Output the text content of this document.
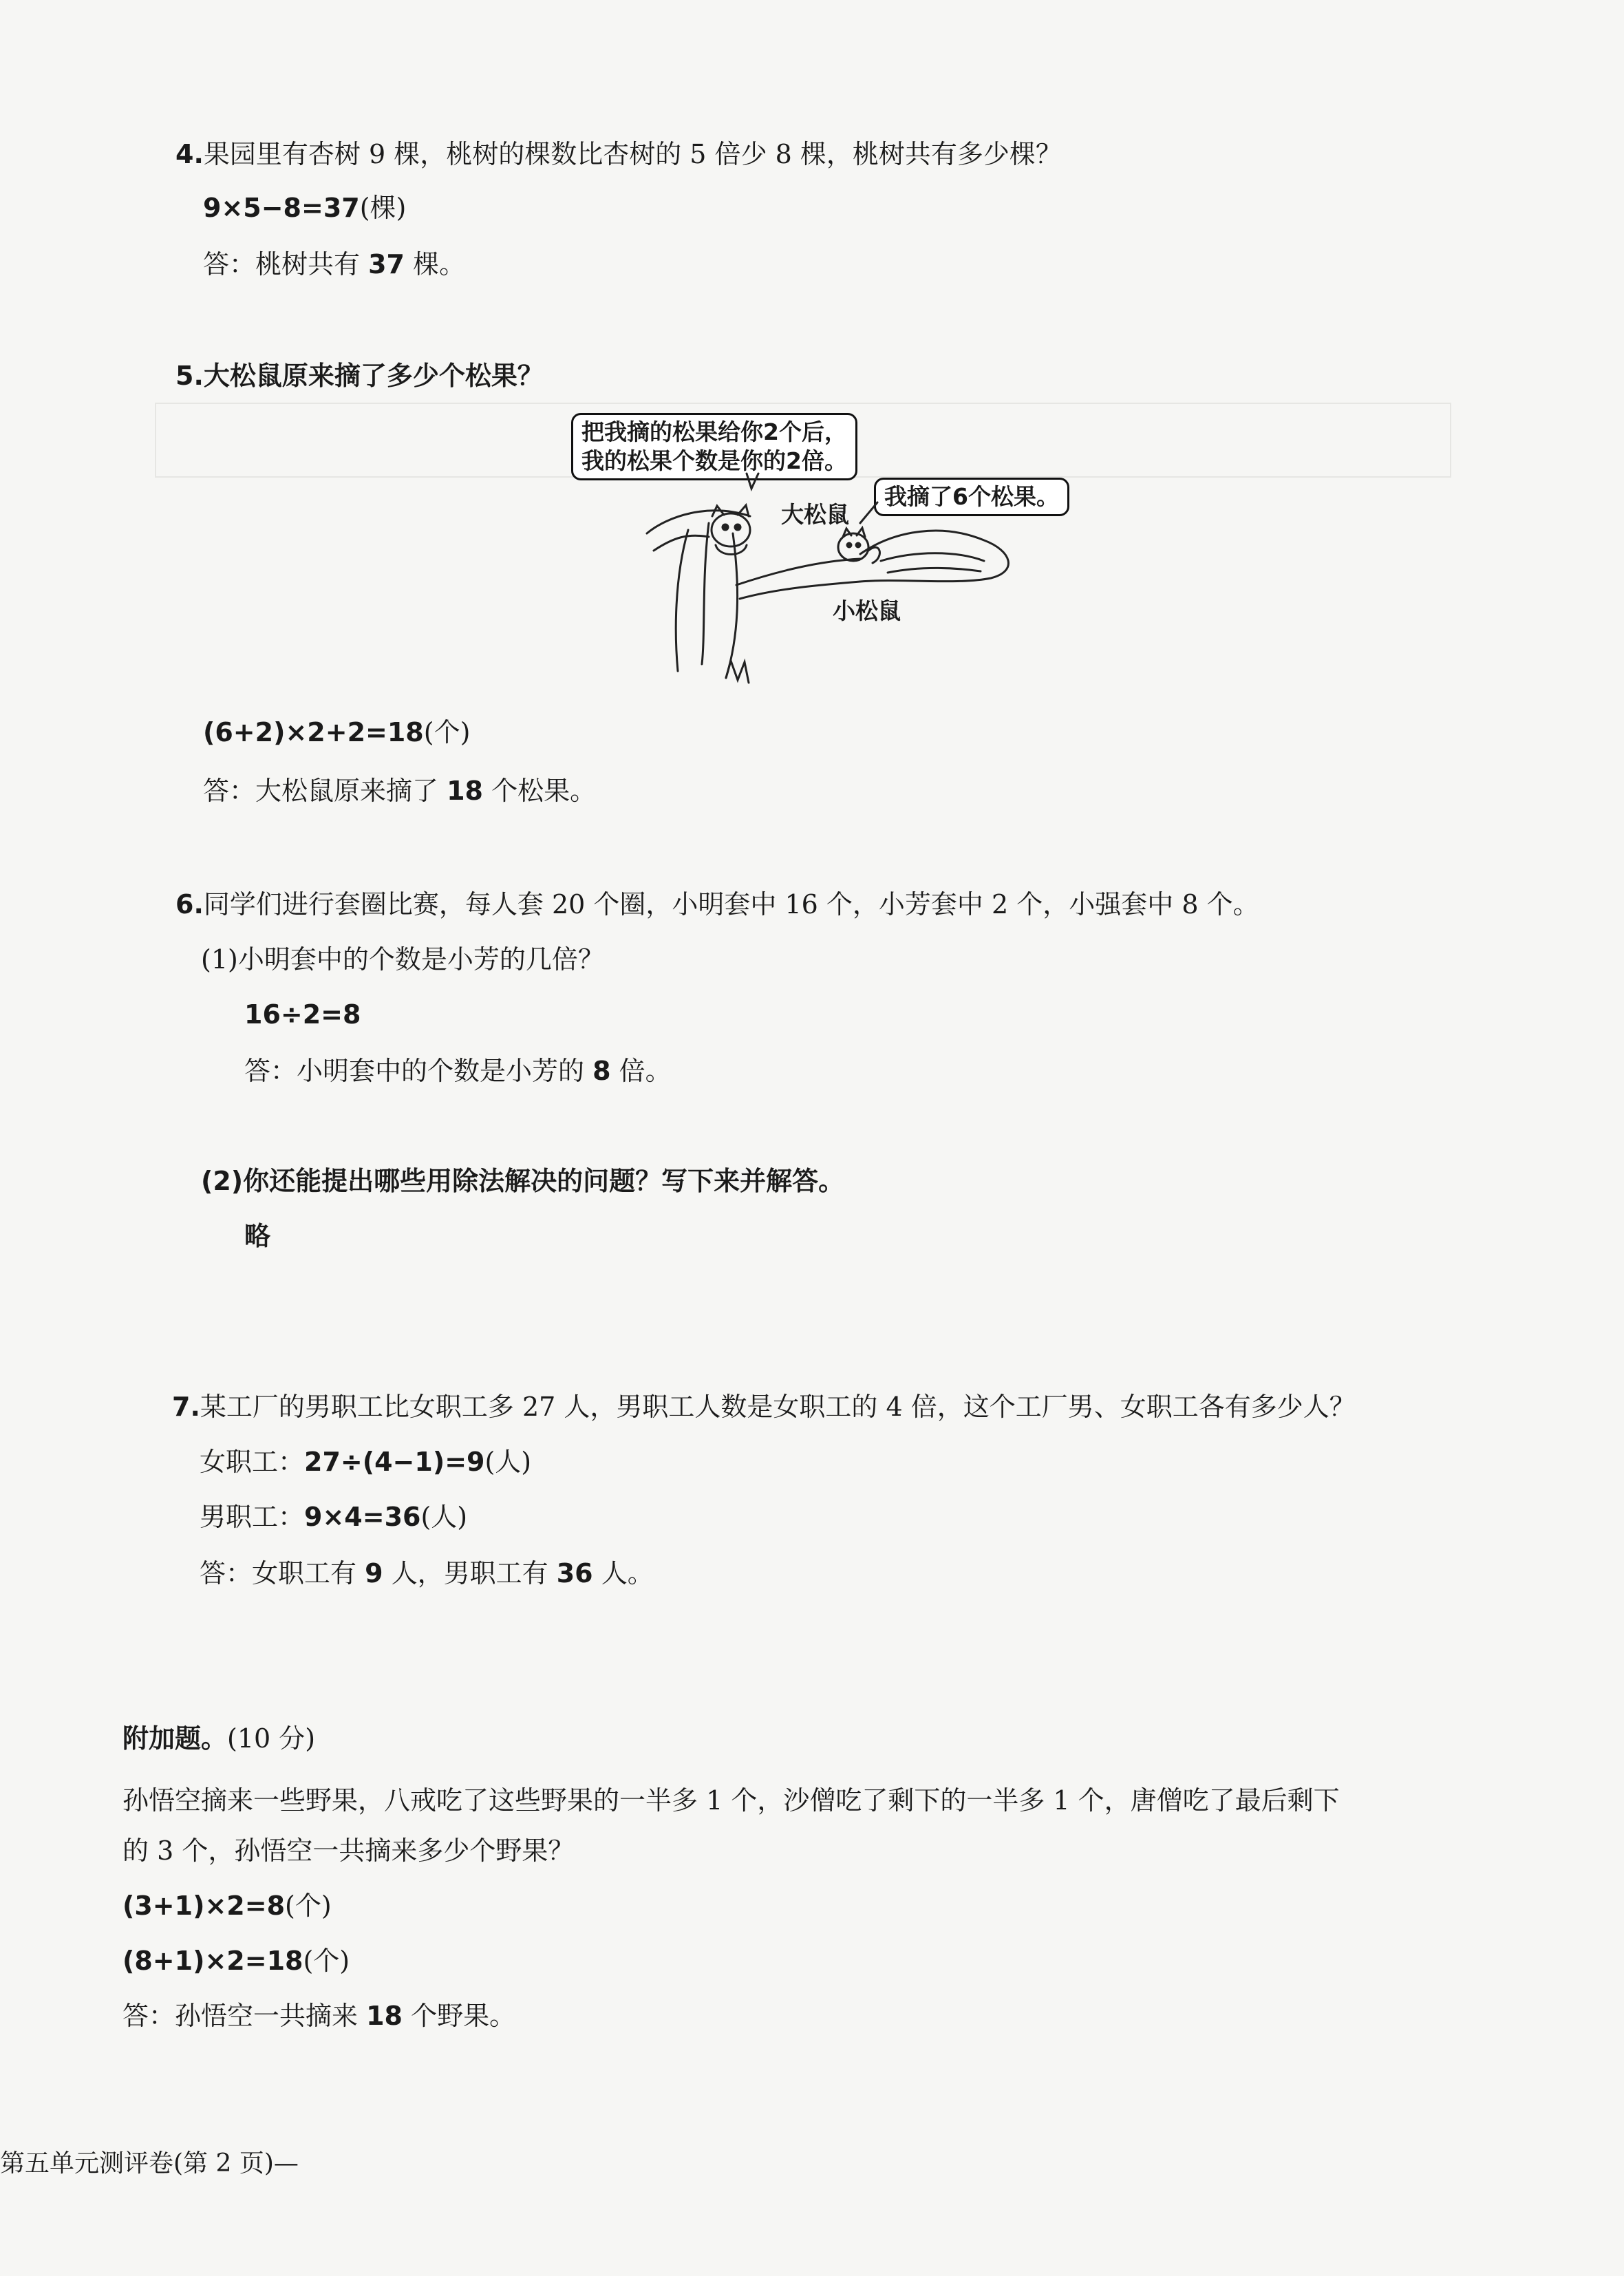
4.果园里有杏树 9 棵，桃树的棵数比杏树的 5 倍少 8 棵，桃树共有多少棵？
9×5−8=37(棵)
答：桃树共有 37 棵。
5.大松鼠原来摘了多少个松果？
把我摘的松果给你2个后，
我的松果个数是你的2倍。
我摘了6个松果。
大松鼠
小松鼠
(6+2)×2+2=18(个)
答：大松鼠原来摘了 18 个松果。
6.同学们进行套圈比赛，每人套 20 个圈，小明套中 16 个，小芳套中 2 个，小强套中 8 个。
(1)小明套中的个数是小芳的几倍？
16÷2=8
答：小明套中的个数是小芳的 8 倍。
(2)你还能提出哪些用除法解决的问题？写下来并解答。
略
7.某工厂的男职工比女职工多 27 人，男职工人数是女职工的 4 倍，这个工厂男、女职工各有多少人？
女职工：27÷(4−1)=9(人)
男职工：9×4=36(人)
答：女职工有 9 人，男职工有 36 人。
附加题。(10 分)
孙悟空摘来一些野果，八戒吃了这些野果的一半多 1 个，沙僧吃了剩下的一半多 1 个，唐僧吃了最后剩下
的 3 个，孙悟空一共摘来多少个野果？
(3+1)×2=8(个)
(8+1)×2=18(个)
答：孙悟空一共摘来 18 个野果。
第五单元测评卷(第 2 页)—
